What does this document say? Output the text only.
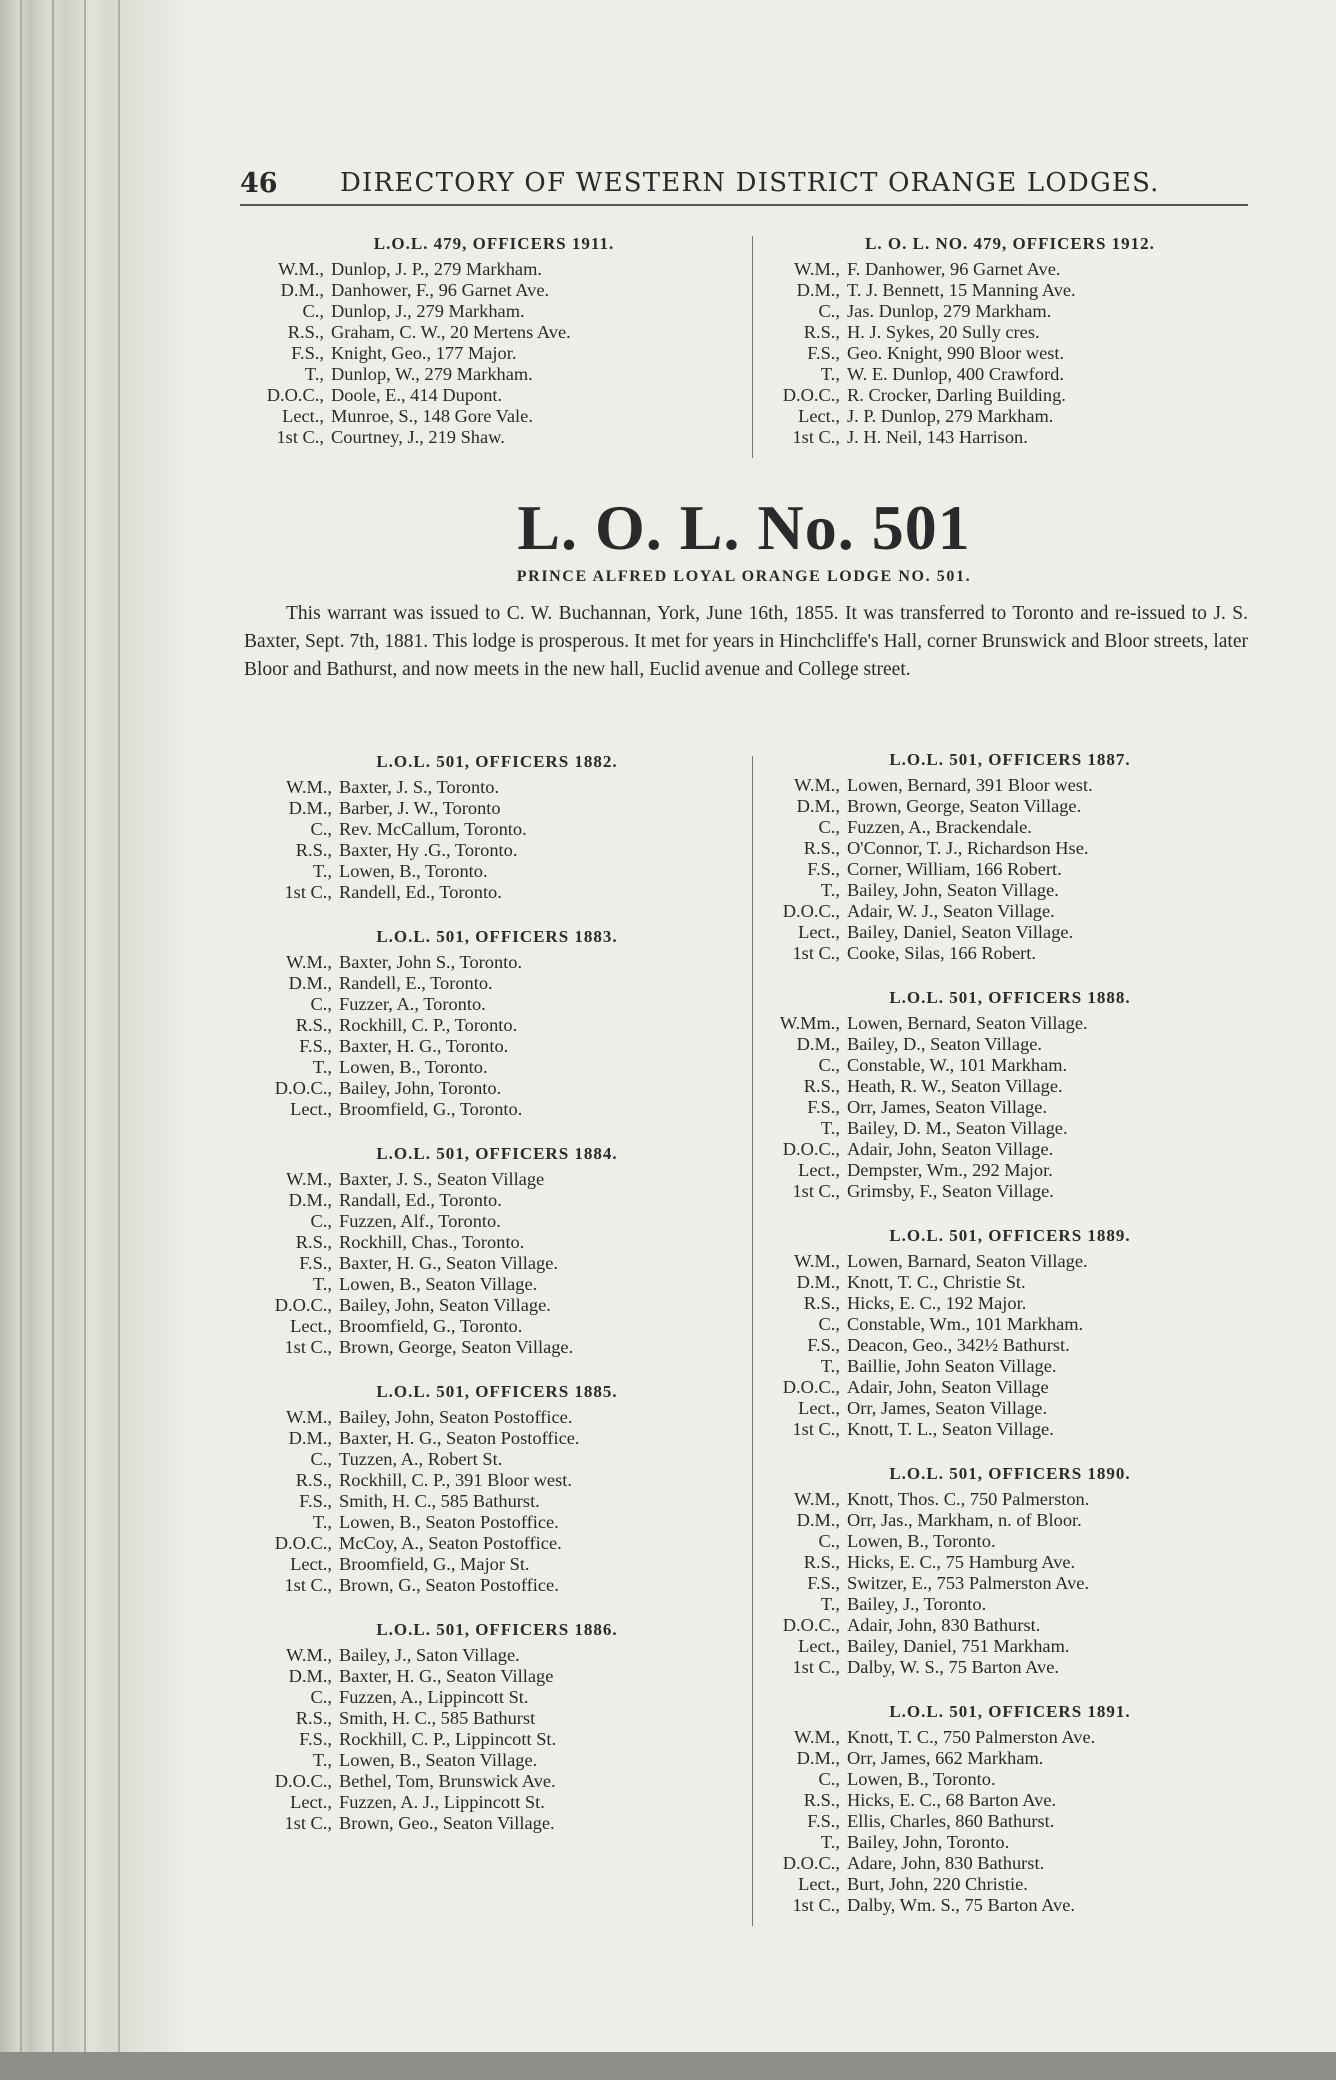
46 DIRECTORY OF WESTERN DISTRICT ORANGE LODGES.
L.O.L. 479, OFFICERS 1911.
W.M., Dunlop, J. P., 279 Markham.
D.M., Danhower, F., 96 Garnet Ave.
C., Dunlop, J., 279 Markham.
R.S., Graham, C. W., 20 Mertens Ave.
F.S., Knight, Geo., 177 Major.
T., Dunlop, W., 279 Markham.
D.O.C., Doole, E., 414 Dupont.
Lect., Munroe, S., 148 Gore Vale.
1st C., Courtney, J., 219 Shaw.
L. O. L. NO. 479, OFFICERS 1912.
W.M., F. Danhower, 96 Garnet Ave.
D.M., T. J. Bennett, 15 Manning Ave.
C., Jas. Dunlop, 279 Markham.
R.S., H. J. Sykes, 20 Sully cres.
F.S., Geo. Knight, 990 Bloor west.
T., W. E. Dunlop, 400 Crawford.
D.O.C., R. Crocker, Darling Building.
Lect., J. P. Dunlop, 279 Markham.
1st C., J. H. Neil, 143 Harrison.
L. O. L. No. 501
PRINCE ALFRED LOYAL ORANGE LODGE NO. 501.
This warrant was issued to C. W. Buchannan, York, June 16th, 1855. It was transferred to Toronto and re-issued to J. S. Baxter, Sept. 7th, 1881. This lodge is prosperous. It met for years in Hinchcliffe's Hall, corner Brunswick and Bloor streets, later Bloor and Bathurst, and now meets in the new hall, Euclid avenue and College street.
L.O.L. 501, OFFICERS 1882.
W.M., Baxter, J. S., Toronto.
D.M., Barber, J. W., Toronto
C., Rev. McCallum, Toronto.
R.S., Baxter, Hy .G., Toronto.
T., Lowen, B., Toronto.
1st C., Randell, Ed., Toronto.
L.O.L. 501, OFFICERS 1883.
W.M., Baxter, John S., Toronto.
D.M., Randell, E., Toronto.
C., Fuzzer, A., Toronto.
R.S., Rockhill, C. P., Toronto.
F.S., Baxter, H. G., Toronto.
T., Lowen, B., Toronto.
D.O.C., Bailey, John, Toronto.
Lect., Broomfield, G., Toronto.
L.O.L. 501, OFFICERS 1884.
W.M., Baxter, J. S., Seaton Village
D.M., Randall, Ed., Toronto.
C., Fuzzen, Alf., Toronto.
R.S., Rockhill, Chas., Toronto.
F.S., Baxter, H. G., Seaton Village.
T., Lowen, B., Seaton Village.
D.O.C., Bailey, John, Seaton Village.
Lect., Broomfield, G., Toronto.
1st C., Brown, George, Seaton Village.
L.O.L. 501, OFFICERS 1885.
W.M., Bailey, John, Seaton Postoffice.
D.M., Baxter, H. G., Seaton Postoffice.
C., Tuzzen, A., Robert St.
R.S., Rockhill, C. P., 391 Bloor west.
F.S., Smith, H. C., 585 Bathurst.
T., Lowen, B., Seaton Postoffice.
D.O.C., McCoy, A., Seaton Postoffice.
Lect., Broomfield, G., Major St.
1st C., Brown, G., Seaton Postoffice.
L.O.L. 501, OFFICERS 1886.
W.M., Bailey, J., Saton Village.
D.M., Baxter, H. G., Seaton Village
C., Fuzzen, A., Lippincott St.
R.S., Smith, H. C., 585 Bathurst
F.S., Rockhill, C. P., Lippincott St.
T., Lowen, B., Seaton Village.
D.O.C., Bethel, Tom, Brunswick Ave.
Lect., Fuzzen, A. J., Lippincott St.
1st C., Brown, Geo., Seaton Village.
L.O.L. 501, OFFICERS 1887.
W.M., Lowen, Bernard, 391 Bloor west.
D.M., Brown, George, Seaton Village.
C., Fuzzen, A., Brackendale.
R.S., O'Connor, T. J., Richardson Hse.
F.S., Corner, William, 166 Robert.
T., Bailey, John, Seaton Village.
D.O.C., Adair, W. J., Seaton Village.
Lect., Bailey, Daniel, Seaton Village.
1st C., Cooke, Silas, 166 Robert.
L.O.L. 501, OFFICERS 1888.
W.Mm., Lowen, Bernard, Seaton Village.
D.M., Bailey, D., Seaton Village.
C., Constable, W., 101 Markham.
R.S., Heath, R. W., Seaton Village.
F.S., Orr, James, Seaton Village.
T., Bailey, D. M., Seaton Village.
D.O.C., Adair, John, Seaton Village.
Lect., Dempster, Wm., 292 Major.
1st C., Grimsby, F., Seaton Village.
L.O.L. 501, OFFICERS 1889.
W.M., Lowen, Barnard, Seaton Village.
D.M., Knott, T. C., Christie St.
R.S., Hicks, E. C., 192 Major.
C., Constable, Wm., 101 Markham.
F.S., Deacon, Geo., 342½ Bathurst.
T., Baillie, John Seaton Village.
D.O.C., Adair, John, Seaton Village
Lect., Orr, James, Seaton Village.
1st C., Knott, T. L., Seaton Village.
L.O.L. 501, OFFICERS 1890.
W.M., Knott, Thos. C., 750 Palmerston.
D.M., Orr, Jas., Markham, n. of Bloor.
C., Lowen, B., Toronto.
R.S., Hicks, E. C., 75 Hamburg Ave.
F.S., Switzer, E., 753 Palmerston Ave.
T., Bailey, J., Toronto.
D.O.C., Adair, John, 830 Bathurst.
Lect., Bailey, Daniel, 751 Markham.
1st C., Dalby, W. S., 75 Barton Ave.
L.O.L. 501, OFFICERS 1891.
W.M., Knott, T. C., 750 Palmerston Ave.
D.M., Orr, James, 662 Markham.
C., Lowen, B., Toronto.
R.S., Hicks, E. C., 68 Barton Ave.
F.S., Ellis, Charles, 860 Bathurst.
T., Bailey, John, Toronto.
D.O.C., Adare, John, 830 Bathurst.
Lect., Burt, John, 220 Christie.
1st C., Dalby, Wm. S., 75 Barton Ave.
